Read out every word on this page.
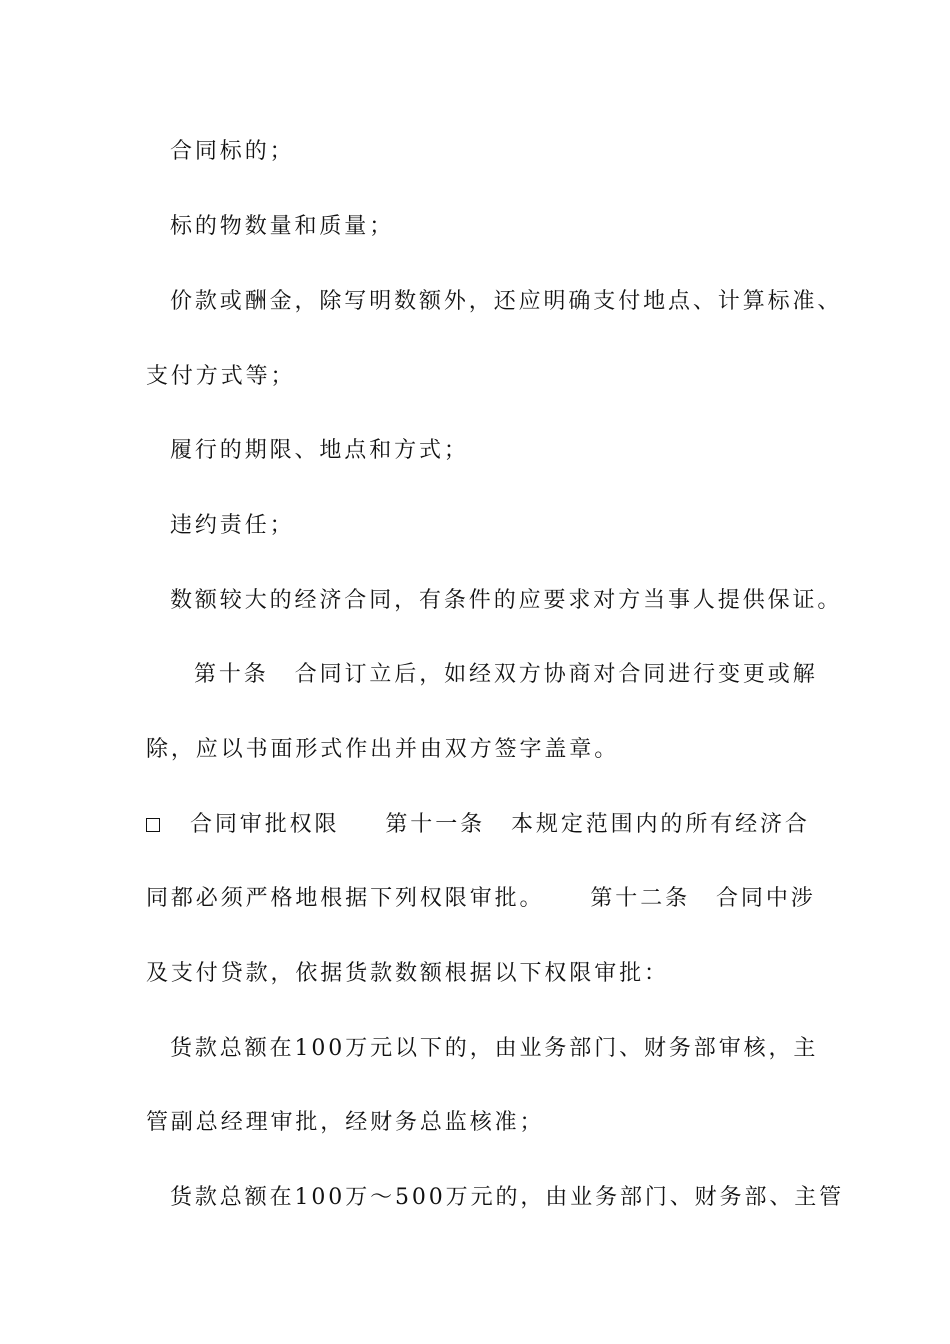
合同标的；
标的物数量和质量；
价款或酬金，除写明数额外，还应明确支付地点、计算标准、
支付方式等；
履行的期限、地点和方式；
违约责任；
数额较大的经济合同，有条件的应要求对方当事人提供保证。
第十条 合同订立后，如经双方协商对合同进行变更或解
除，应以书面形式作出并由双方签字盖章。
合同审批权限 第十一条 本规定范围内的所有经济合
同都必须严格地根据下列权限审批。 第十二条 合同中涉
及支付贷款，依据货款数额根据以下权限审批：
货款总额在100万元以下的，由业务部门、财务部审核，主
管副总经理审批，经财务总监核准；
货款总额在100万～500万元的，由业务部门、财务部、主管
